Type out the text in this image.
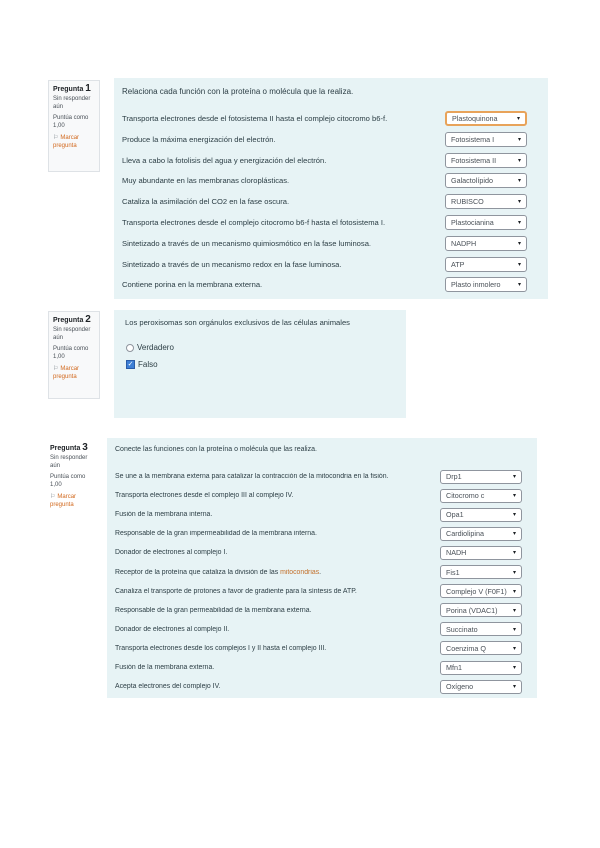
Pregunta 1
Sin responder aún
Puntúa como 1,00
⚐ Marcar pregunta
Relaciona cada función con la proteína o molécula que la realiza.
Transporta electrones desde el fotosistema II hasta el complejo citocromo b6-f.	Plastoquinona	▾
Produce la máxima energización del electrón.	Fotosistema I	▾
Lleva a cabo la fotolisis del agua y energización del electrón.	Fotosistema II	▾
Muy abundante en las membranas cloroplásticas.	Galactolípido	▾
Cataliza la asimilación del CO2 en la fase oscura.	RUBISCO	▾
Transporta electrones desde el complejo citocromo b6-f hasta el fotosistema I.	Plastocianina	▾
Sintetizado a través de un mecanismo quimiosmótico en la fase luminosa.	NADPH	▾
Sintetizado a través de un mecanismo redox en la fase luminosa.	ATP	▾
Contiene porina en la membrana externa.	Plasto inmolero	▾
Pregunta 2
Sin responder aún
Puntúa como 1,00
⚐ Marcar pregunta
Los peroxisomas son orgánulos exclusivos de las células animales
Verdadero
✓ Falso
Pregunta 3
Sin responder aún
Puntúa como 1,00
⚐ Marcar pregunta
Conecte las funciones con la proteína o molécula que las realiza.
Se une a la membrana externa para catalizar la contracción de la mitocondria en la fisión.	Drp1	▾
Transporta electrones desde el complejo III al complejo IV.	Citocromo c	▾
Fusión de la membrana interna.	Opa1	▾
Responsable de la gran impermeabilidad de la membrana interna.	Cardiolipina	▾
Donador de electrones al complejo I.	NADH	▾
Receptor de la proteína que cataliza la división de las mitocondrias.	Fis1	▾
Canaliza el transporte de protones a favor de gradiente para la síntesis de ATP.	Complejo V (F0F1) ▾
Responsable de la gran permeabilidad de la membrana externa.	Porina (VDAC1)	▾
Donador de electrones al complejo II.	Succinato	▾
Transporta electrones desde los complejos I y II hasta el complejo III.	Coenzima Q	▾
Fusión de la membrana externa.	Mfn1	▾
Acepta electrones del complejo IV.	Oxígeno	▾
